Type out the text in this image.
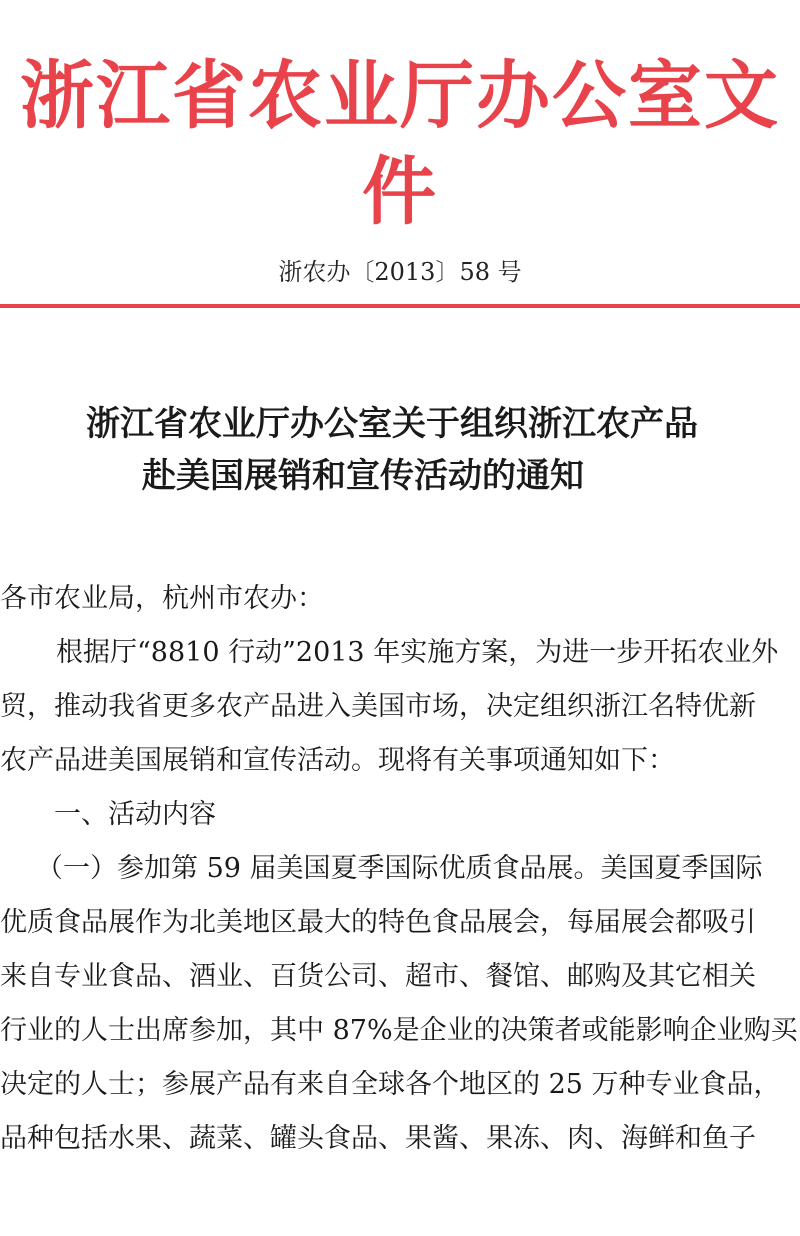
浙江省农业厅办公室文件
浙农办〔2013〕58 号
浙江省农业厅办公室关于组织浙江农产品
赴美国展销和宣传活动的通知
各市农业局，杭州市农办：
根据厅“8810 行动”2013 年实施方案，为进一步开拓农业外
贸，推动我省更多农产品进入美国市场，决定组织浙江名特优新
农产品进美国展销和宣传活动。现将有关事项通知如下：
一、活动内容
（一）参加第 59 届美国夏季国际优质食品展。美国夏季国际
优质食品展作为北美地区最大的特色食品展会，每届展会都吸引
来自专业食品、酒业、百货公司、超市、餐馆、邮购及其它相关
行业的人士出席参加，其中 87%是企业的决策者或能影响企业购买
决定的人士；参展产品有来自全球各个地区的 25 万种专业食品，
品种包括水果、蔬菜、罐头食品、果酱、果冻、肉、海鲜和鱼子
